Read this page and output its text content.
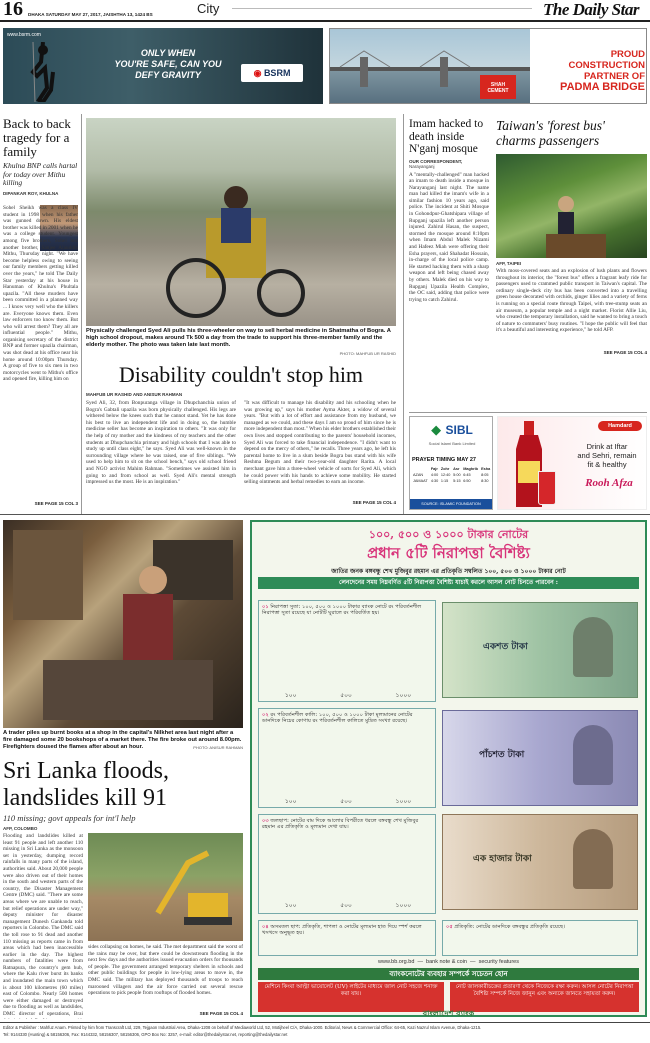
16 DHAKA SATURDAY MAY 27, 2017, JAISHTHA 13, 1424 BS	City	The Daily Star
www.bsrm.com
ONLY WHEN
YOU'RE SAFE, CAN YOU
DEFY GRAVITY	◉ BSRM
SHAH CEMENT
PROUD
CONSTRUCTION
PARTNER OF
PADMA BRIDGE
Back to back tragedy for a family
Khulna BNP calls hartal for today over Mithu killing
DIPANKAR ROY, KHULNA
Sohel Sheikh was a class IV student in 1998 when his father was gunned down. His eldest brother was killed in 2001 when he was a college student. Youngest among five brothers, Sohel lost another brother, Sanjee Alauddin Mithu, Thursday night. "We have become helpless owing to seeing our family members getting killed over the years," he told The Daily Star yesterday at his house in Hanuman of Khulna's Phultala upazila. "All these murders have been committed in a planned way ... I know very well who the killers are. Everyone knows them. Even law enforcers too know them. But who will arrest them? They all are influential people." Mithu, organising secretary of the district BNP and former upazila chairman, was shot dead at his office near his home around 10:00pm Thursday. A group of five to six men in two motorcycles went to Mithu's office and opened fire, killing him on
SEE PAGE 15 COL 3
Physically challenged Syed Ali pulls his three-wheeler on way to sell herbal medicine in Shatmatha of Bogra. A high school dropout, makes around Tk 500 a day from the trade to support his three-member family and the elderly mother. The photo was taken late last month.
PHOTO: MAHFUB UR RASHID
Disability couldn't stop him
MAHFUB UR RASHID AND ANISUR RAHMAN
Syed Ali, 32, from Bonpuranga village in Dhupchanchia union of Bogra's Gabtali upazila was born physically challenged. His legs are withered below the knees such that he cannot stand. Yet he has done his best to live an independent life and in doing so, the humble medicine seller has become an inspiration to others. "It was only for the help of my mother and the kindness of my teachers and the other students at Dhupchanchia primary and high schools that I was able to study up until class eight," he says. Syed Ali was well-known in the surrounding village where he was raised, one of five siblings. "We used to help him to sit on the school bench," says old school friend and NGO activist Mahim Rahman. "Sometimes we assisted him in going to and from school as well. Syed Ali's mental strength impressed us the most. He is an inspiration."
"It was difficult to manage his disability and his schooling when he was growing up," says his mother Ayma Akter, a widow of several years. "But with a lot of effort and assistance from my husband, we managed as we could, and these days I am so proud of him since he is more independent than most." When his elder brothers established their own lives and stopped contributing to the parents' household incomes, Syed Ali was forced to take financial independence. "I didn't want to depend on the mercy of others," he recalls. Three years ago, he left his parental home to live in a slum beside Bogra bus stand with his wife Reshma Begum and their two-year-old daughter Rarita. A local merchant gave him a three-wheel vehicle of sorts for Syed Ali, which he could power with his hands to achieve some mobility. He started selling ointments and herbal remedies to earn an income.
SEE PAGE 15 COL 4
Imam hacked to death inside N'ganj mosque
OUR CORRESPONDENT,
Narayanganj
A "mentally-challenged" man hacked an imam to death inside a mosque in Narayanganj last night. The name man had killed the imam's wife in a similar fashion 10 years ago, said police. The incident at Shiti Mosque in Gohondpur-Ghatshipara village of Rupganj upazila left another person injured. Zahirul Hasan, the suspect, stormed the mosque around 8:10pm when Imam Abdul Malek Nizami and Hafeez Miah were offering their Esha prayers, said Shahadat Hossain, in-charge of the local police camp. He started hacking them with a sharp weapon and left being chased away by others. Malek died on his way to Rupganj Upazila Health Complex, the OC said, adding that police were trying to catch Zahirul.
Taiwan's 'forest bus' charms passengers
AFP, TAIPEI
With moss-covered seats and an explosion of lush plants and flowers throughout its interior, the "forest bus" offers a fragrant leafy ride for passengers used to crammed public transport in Taiwan's capital. The ordinary single-deck city bus has been converted into a travelling green house decorated with orchids, ginger lilies and a variety of ferns is running on a special route through Taipei, with tree-stump seats an air museum, a popular temple and a night market. Florist Allie Liu, who created the temporary installation, said he wanted to bring a touch of nature to commuters' busy routines. "I hope the public will feel that it's a beautiful and interesting experience," he told AFP.
SEE PAGE 15 COL 4
◆ SIBL
Social Islami Bank Limited
PRAYER TIMING MAY 27
	Fajr	Zohr	Asr	Maghrib	Esha
AZAN	4:00	12:40	5:00	6:45	8:05
JAMAAT	4:30	1:15	5:15	6:50	8:30
SOURCE: ISLAMIC FOUNDATION
Hamdard
Drink at Iftar
and Sehri, remain
fit & healthy
Rooh Afza
A trader piles up burnt books at a shop in the capital's Nilkhet area last night after a fire damaged some 20 bookshops of a market there. The fire broke out around 8.00pm. Firefighters doused the flames after about an hour.	PHOTO: ANISUR RAHMAN
Sri Lanka floods, landslides kill 91
110 missing; govt appeals for int'l help
AFP, COLOMBO
Flooding and landslides killed at least 91 people and left another 110 missing in Sri Lanka as the monsoon set in yesterday, dumping record rainfalls in many parts of the island, authorities said. About 20,000 people were also driven out of their homes in the south and western parts of the country, the Disaster Management Centre (DMC) said. "There are some areas where we are unable to reach, but relief operations are under way," deputy minister for disaster management Dunesh Gankanda told reporters in Colombo. The DMC said the toll rose to 91 dead and another 110 missing as reports came in from areas which had been inaccessible earlier in the day. The highest numbers of fatalities were from Ratnapura, the country's gem hub, where the Kalu river burst its banks and inundated the main town which is about 100 kilometres (60 miles) east of Colombo. Nearly 500 homes were either damaged or destroyed due to flooding as well as landslides, DMC director of operations, Brai
sides collapsing on homes, he said. The met department said the worst of the rains may be over, but there could be downstream flooding in the next few days and the authorities issued evacuation orders for thousands of people. The government arranged temporary shelters in schools and other public buildings for people in low-lying areas to move in, the DMC said. The military has deployed thousands of troops to reach marooned villagers and the air force carried out several rescue operations to pick people from rooftops of flooded homes.
SEE PAGE 15 COL 4
১০০, ৫০০ ও ১০০০ টাকার নোটের
প্রধান ৫টি নিরাপত্তা বৈশিষ্ট্য
জাতির জনক বঙ্গবন্ধু শেখ মুজিবুর রহমান এর প্রতিকৃতি সম্বলিত ১০০, ৫০০ ও ১০০০ টাকার নোট
লেনদেনের সময় নিম্নবর্ণিত ৫টি নিরাপত্তা বৈশিষ্ট্য যাচাই করলে আসল নোট চিনতে পারবেন :
০১ নিরাপত্তা সুতা: ১০০, ৫০০ ও ১০০০ টাকার ব্যাংক নোটে রং পরিবর্তনশীল নিরাপত্তা সুতা রয়েছে যা নোটটি ঘুরালে রং পরিবর্তিত হয়।
১০০	৫০০	১০০০
একশত টাকা
০২ রং পরিবর্তনশীল কালি: ১০০, ৫০০ ও ১০০০ টাকা মূল্যমানের নোটের ডানদিকে নিচের কোণায় রং পরিবর্তনশীল কালিতে মুদ্রিত সংখ্যা রয়েছে।
১০০	৫০০	১০০০
পাঁচশত টাকা
০৩ জলছাপ: নোটের বাম দিকে আলোর বিপরীতে ধরলে বঙ্গবন্ধু শেখ মুজিবুর রহমান এর প্রতিকৃতি ও মূল্যমান দেখা যায়।
১০০	৫০০	১০০০
এক হাজার টাকা
০৪ অসমতল ছাপ: প্রতিকৃতি, শাপলা ও নোটের মূল্যমান হাত দিয়ে স্পর্শ করলে খসখসে অনুভূত হয়।
০৫ প্রতিকৃতি: নোটের ডানদিকে বঙ্গবন্ধুর প্রতিকৃতি রয়েছে।
www.bb.org.bd  —  bank note & coin  —  security features
ব্যাংকনোটের ব্যবহার সম্পর্কে সচেতন হোন
মেশিনে কিংবা আল্ট্রা ভায়োলেট (UV) লাইটের মাধ্যমে জাল নোট সহজে শনাক্ত করা যায়।
নোট জালকারীচক্রের প্রতারণা থেকে নিজেকে রক্ষা করুন। আসল নোটের নিরাপত্তা বৈশিষ্ট্য সম্পর্কে নিজে জানুন এবং অন্যকে জানতে সহায়তা করুন।
Editor & Publisher : Mahfuz Anam. Printed by him from Transcraft Ltd, 229, Tejgaon Industrial Area, Dhaka-1208 on behalf of Mediaworld Ltd, 52, Motijheel C/A, Dhaka-1000. Editorial, News & Commercial Office: 64-65, Kazi Nazrul Islam Avenue, Dhaka-1215.
Tel: 9144330 (Hunting) & 58156306, Fax: 9144332, 58156307, 58156306, GPO Box No: 3257, e-mail: editor@thedailystar.net, reporting@thedailystar.net
বাংলাদেশ ব্যাংক
